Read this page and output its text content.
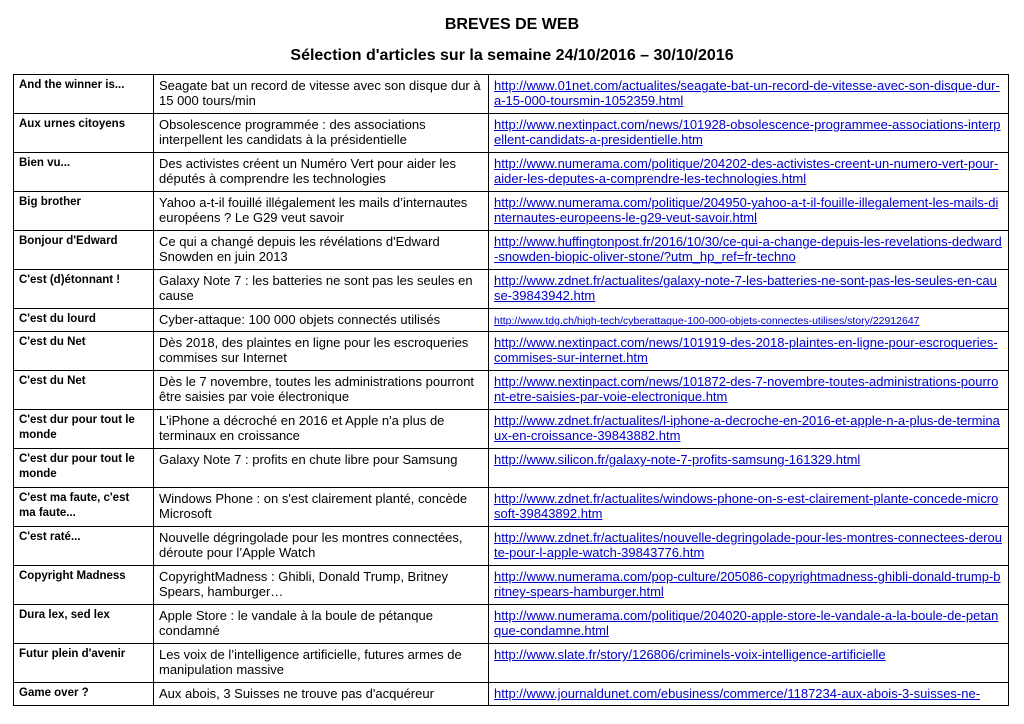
BREVES DE WEB
Sélection d'articles sur la semaine 24/10/2016 – 30/10/2016
And the winner is...	Seagate bat un record de vitesse avec son disque dur à 15 000 tours/min	http://www.01net.com/actualites/seagate-bat-un-record-de-vitesse-avec-son-disque-dur-a-15-000-toursmin-1052359.html
Aux urnes citoyens	Obsolescence programmée : des associations interpellent les candidats à la présidentielle	http://www.nextinpact.com/news/101928-obsolescence-programmee-associations-interpellent-candidats-a-presidentielle.htm
Bien vu...	Des activistes créent un Numéro Vert pour aider les députés à comprendre les technologies	http://www.numerama.com/politique/204202-des-activistes-creent-un-numero-vert-pour-aider-les-deputes-a-comprendre-les-technologies.html
Big brother	Yahoo a-t-il fouillé illégalement les mails d’internautes européens ? Le G29 veut savoir	http://www.numerama.com/politique/204950-yahoo-a-t-il-fouille-illegalement-les-mails-dinternautes-europeens-le-g29-veut-savoir.html
Bonjour d'Edward	Ce qui a changé depuis les révélations d'Edward Snowden en juin 2013	http://www.huffingtonpost.fr/2016/10/30/ce-qui-a-change-depuis-les-revelations-dedward-snowden-biopic-oliver-stone/?utm_hp_ref=fr-techno
C'est (d)étonnant !	Galaxy Note 7 : les batteries ne sont pas les seules en cause	http://www.zdnet.fr/actualites/galaxy-note-7-les-batteries-ne-sont-pas-les-seules-en-cause-39843942.htm
C'est du lourd	Cyber-attaque: 100 000 objets connectés utilisés	http://www.tdg.ch/high-tech/cyberattaque-100-000-objets-connectes-utilises/story/22912647
C'est du Net	Dès 2018, des plaintes en ligne pour les escroqueries commises sur Internet	http://www.nextinpact.com/news/101919-des-2018-plaintes-en-ligne-pour-escroqueries-commises-sur-internet.htm
C'est du Net	Dès le 7 novembre, toutes les administrations pourront être saisies par voie électronique	http://www.nextinpact.com/news/101872-des-7-novembre-toutes-administrations-pourront-etre-saisies-par-voie-electronique.htm
C'est dur pour tout le monde	L'iPhone a décroché en 2016 et Apple n'a plus de terminaux en croissance	http://www.zdnet.fr/actualites/l-iphone-a-decroche-en-2016-et-apple-n-a-plus-de-terminaux-en-croissance-39843882.htm
C'est dur pour tout le monde	Galaxy Note 7 : profits en chute libre pour Samsung	http://www.silicon.fr/galaxy-note-7-profits-samsung-161329.html
C'est ma faute, c'est ma faute...	Windows Phone : on s'est clairement planté, concède Microsoft	http://www.zdnet.fr/actualites/windows-phone-on-s-est-clairement-plante-concede-microsoft-39843892.htm
C'est raté...	Nouvelle dégringolade pour les montres connectées, déroute pour l’Apple Watch	http://www.zdnet.fr/actualites/nouvelle-degringolade-pour-les-montres-connectees-deroute-pour-l-apple-watch-39843776.htm
Copyright Madness	CopyrightMadness : Ghibli, Donald Trump, Britney Spears, hamburger…	http://www.numerama.com/pop-culture/205086-copyrightmadness-ghibli-donald-trump-britney-spears-hamburger.html
Dura lex, sed lex	Apple Store : le vandale à la boule de pétanque condamné	http://www.numerama.com/politique/204020-apple-store-le-vandale-a-la-boule-de-petanque-condamne.html
Futur plein d'avenir	Les voix de l’intelligence artificielle, futures armes de manipulation massive	http://www.slate.fr/story/126806/criminels-voix-intelligence-artificielle
Game over ?	Aux abois, 3 Suisses ne trouve pas d'acquéreur	http://www.journaldunet.com/ebusiness/commerce/1187234-aux-abois-3-suisses-ne-
